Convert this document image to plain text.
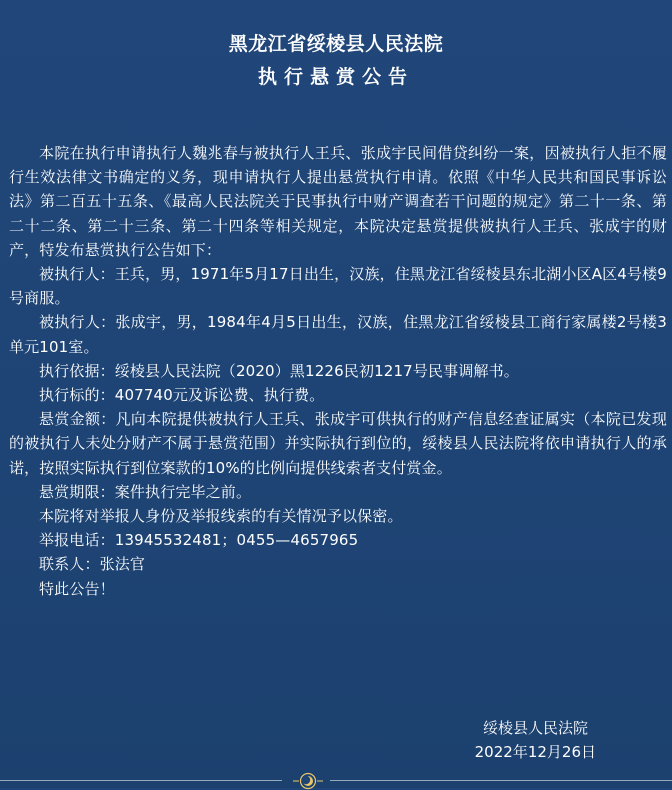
黑龙江省绥棱县人民法院
执行悬赏公告

本院在执行申请执行人魏兆春与被执行人王兵、张成宇民间借贷纠纷一案，因被执行人拒不履行生效法律文书确定的义务，现申请执行人提出悬赏执行申请。依照《中华人民共和国民事诉讼法》第二百五十五条、《最高人民法院关于民事执行中财产调查若干问题的规定》第二十一条、第二十二条、第二十三条、第二十四条等相关规定，本院决定悬赏提供被执行人王兵、张成宇的财产，特发布悬赏执行公告如下：

被执行人：王兵，男，1971年5月17日出生，汉族，住黑龙江省绥棱县东北湖小区A区4号楼9号商服。

被执行人：张成宇，男，1984年4月5日出生，汉族，住黑龙江省绥棱县工商行家属楼2号楼3单元101室。

执行依据：绥棱县人民法院（2020）黑1226民初1217号民事调解书。

执行标的：407740元及诉讼费、执行费。

悬赏金额：凡向本院提供被执行人王兵、张成宇可供执行的财产信息经查证属实（本院已发现的被执行人未处分财产不属于悬赏范围）并实际执行到位的，绥棱县人民法院将依申请执行人的承诺，按照实际执行到位案款的10%的比例向提供线索者支付赏金。

悬赏期限：案件执行完毕之前。

本院将对举报人身份及举报线索的有关情况予以保密。

举报电话：13945532481；0455—4657965

联系人：张法官

特此公告！

绥棱县人民法院
2022年12月26日
